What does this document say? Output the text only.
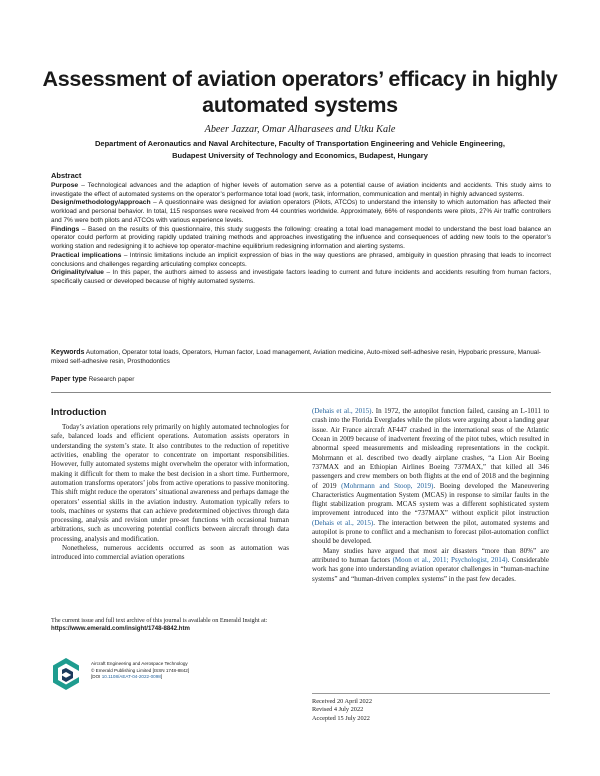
Assessment of aviation operators’ efficacy in highly automated systems
Abeer Jazzar, Omar Alharasees and Utku Kale
Department of Aeronautics and Naval Architecture, Faculty of Transportation Engineering and Vehicle Engineering,
Budapest University of Technology and Economics, Budapest, Hungary
Abstract

Purpose – Technological advances and the adaption of higher levels of automation serve as a potential cause of aviation incidents and accidents. This study aims to investigate the effect of automated systems on the operator’s performance total load (work, task, information, communication and mental) in highly advanced systems.

Design/methodology/approach – A questionnaire was designed for aviation operators (Pilots, ATCOs) to understand the intensity to which automation has affected their workload and personal behavior. In total, 115 responses were received from 44 countries worldwide. Approximately, 66% of respondents were pilots, 27% Air traffic controllers and 7% were both pilots and ATCOs with various experience levels.

Findings – Based on the results of this questionnaire, this study suggests the following: creating a total load management model to understand the best load balance an operator could perform at providing rapidly updated training methods and approaches investigating the influence and consequences of adding new tools to the operator’s working station and redesigning it to achieve top operator-machine equilibrium redesigning information and alerting systems.

Practical implications – Intrinsic limitations include an implicit expression of bias in the way questions are phrased, ambiguity in question phrasing that leads to incorrect conclusions and challenges regarding articulating complex concepts.

Originality/value – In this paper, the authors aimed to assess and investigate factors leading to current and future incidents and accidents resulting from human factors, specifically caused or developed because of highly automated systems.

Keywords Automation, Operator total loads, Operators, Human factor, Load management, Aviation medicine, Auto-mixed self-adhesive resin, Hypobaric pressure, Manual-mixed self-adhesive resin, Prosthodontics
Paper type Research paper
Introduction

Today’s aviation operations rely primarily on highly automated technologies for safe, balanced loads and efficient operations. Automation assists operators in understanding the system’s state. It also contributes to the reduction of repetitive activities, enabling the operator to concentrate on important responsibilities. However, fully automated systems might overwhelm the operator with information, making it difficult for them to make the best decision in a short time. Furthermore, automation transforms operators’ jobs from active operations to passive monitoring. This shift might reduce the operators’ situational awareness and perhaps damage the operators’ essential skills in the aviation industry. Automation typically refers to tools, machines or systems that can achieve predetermined objectives through data processing, analysis and revision under pre-set functions with occasional human arbitrations, such as uncovering potential conflicts between aircraft through data processing, analysis and modification.

Nonetheless, numerous accidents occurred as soon as automation was introduced into commercial aviation operations

(Dehais et al., 2015). In 1972, the autopilot function failed, causing an L-1011 to crash into the Florida Everglades while the pilots were arguing about a landing gear issue. Air France aircraft AF447 crashed in the international seas of the Atlantic Ocean in 2009 because of inadvertent freezing of the pitot tubes, which resulted in abnormal speed measurements and misleading representations in the cockpit. Mohrmann et al. described two deadly airplane crashes, “a Lion Air Boeing 737MAX and an Ethiopian Airlines Boeing 737MAX,” that killed all 346 passengers and crew members on both flights at the end of 2018 and the beginning of 2019 (Mohrmann and Stoop, 2019). Boeing developed the Maneuvering Characteristics Augmentation System (MCAS) in response to similar faults in the flight stabilization program. MCAS system was a different sophisticated system improvement introduced into the “737MAX” without explicit pilot instruction (Dehais et al., 2015). The interaction between the pilot, automated systems and autopilot is prone to conflict and a mechanism to forecast pilot-automation conflict should be developed.

Many studies have argued that most air disasters “more than 80%” are attributed to human factors (Moon et al., 2011; Psychologist, 2014). Considerable work has gone into understanding aviation operator challenges in “human-machine systems” and “human-driven complex systems” in the past few decades.

The current issue and full text archive of this journal is available on Emerald Insight at: https://www.emerald.com/insight/1748-8842.htm
Aircraft Engineering and Aerospace Technology
© Emerald Publishing Limited [ISSN 1748-8842]
[DOI 10.1108/AEAT-04-2022-0098]
Received 20 April 2022
Revised 4 July 2022
Accepted 15 July 2022
